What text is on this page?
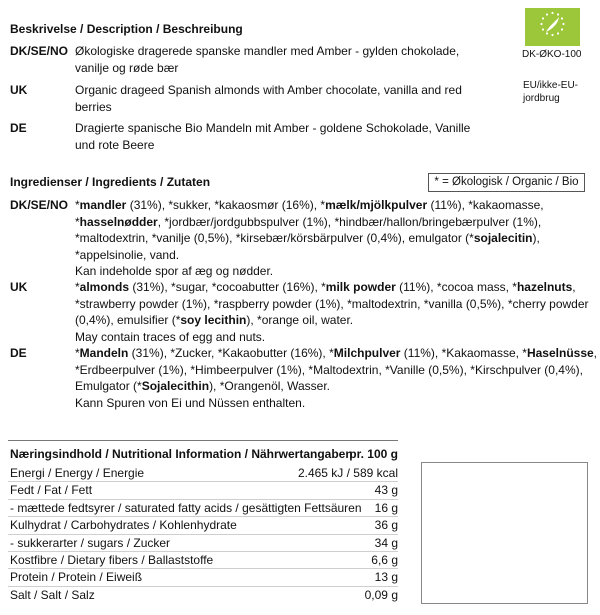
Beskrivelse / Description / Beschreibung
DK/SE/NO Økologiske dragerede spanske mandler med Amber - gylden chokolade,
vanilje og røde bær
UK	Organic drageed Spanish almonds with Amber chocolate, vanilla and red
berries
DE	Dragierte spanische Bio Mandeln mit Amber - goldene Schokolade, Vanille
und rote Beere
DK-ØKO-100
EU/ikke-EU-
jordbrug
Ingredienser / Ingredients / Zutaten	* = Økologisk / Organic / Bio
DK/SE/NO *mandler (31%), *sukker, *kakaosmør (16%), *mælk/mjölkpulver (11%), *kakaomasse,
*hasselnødder, *jordbær/jordgubbspulver (1%), *hindbær/hallon/bringebærpulver (1%),
*maltodextrin, *vanilje (0,5%), *kirsebær/körsbärpulver (0,4%), emulgator (*sojalecitin),
*appelsinolie, vand.
Kan indeholde spor af æg og nødder.
UK	*almonds (31%), *sugar, *cocoabutter (16%), *milk powder (11%), *cocoa mass, *hazelnuts,
*strawberry powder (1%), *raspberry powder (1%), *maltodextrin, *vanilla (0,5%), *cherry powder
(0,4%), emulsifier (*soy lecithin), *orange oil, water.
May contain traces of egg and nuts.
DE	*Mandeln (31%), *Zucker, *Kakaobutter (16%), *Milchpulver (11%), *Kakaomasse, *Haselnüsse,
*Erdbeerpulver (1%), *Himbeerpulver (1%), *Maltodextrin, *Vanille (0,5%), *Kirschpulver (0,4%),
Emulgator (*Sojalecithin), *Orangenöl, Wasser.
Kann Spuren von Ei und Nüssen enthalten.
Næringsindhold / Nutritional Information / Nährwertangaben
pr. 100 g
Energi / Energy / Energie	2.465 kJ / 589 kcal
Fedt / Fat / Fett	43 g
- mættede fedtsyrer / saturated fatty acids / gesättigten Fettsäuren 16 g
Kulhydrat / Carbohydrates / Kohlenhydrate	36 g
- sukkerarter / sugars / Zucker	34 g
Kostfibre / Dietary fibers / Ballaststoffe	6,6 g
Protein / Protein / Eiweiß	13 g
Salt / Salt / Salz	0,09 g
